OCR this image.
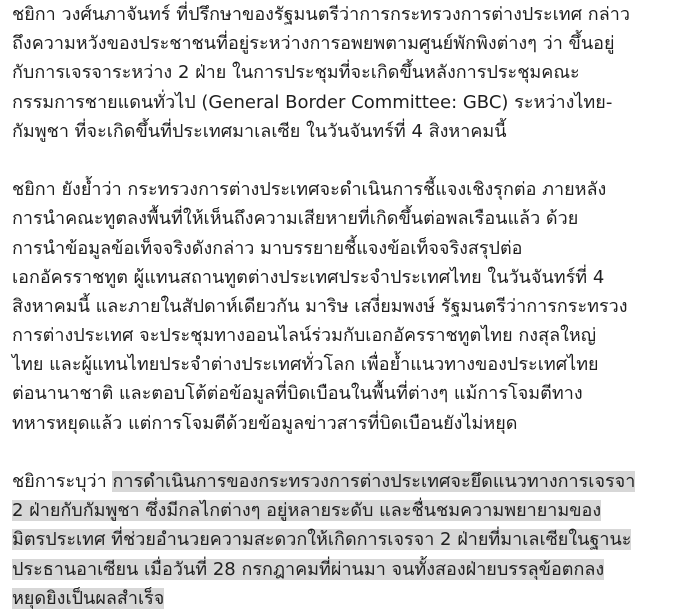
ชยิกา วงศ์นภาจันทร์ ที่ปรึกษาของรัฐมนตรีว่าการกระทรวงการต่างประเทศ กล่าว
ถึงความหวังของประชาชนที่อยู่ระหว่างการอพยพตามศูนย์พักพิงต่างๆ ว่า ขึ้นอยู่
กับการเจรจาระหว่าง 2 ฝ่าย ในการประชุมที่จะเกิดขึ้นหลังการประชุมคณะ
กรรมการชายแดนทั่วไป (General Border Committee: GBC) ระหว่างไทย-
กัมพูชา ที่จะเกิดขึ้นที่ประเทศมาเลเซีย ในวันจันทร์ที่ 4 สิงหาคมนี้

ชยิกา ยังย้ำว่า กระทรวงการต่างประเทศจะดำเนินการชี้แจงเชิงรุกต่อ ภายหลัง
การนำคณะทูตลงพื้นที่ให้เห็นถึงความเสียหายที่เกิดขึ้นต่อพลเรือนแล้ว ด้วย
การนำข้อมูลข้อเท็จจริงดังกล่าว มาบรรยายชี้แจงข้อเท็จจริงสรุปต่อ
เอกอัครราชทูต ผู้แทนสถานทูตต่างประเทศประจำประเทศไทย ในวันจันทร์ที่ 4
สิงหาคมนี้ และภายในสัปดาห์เดียวกัน มาริษ เสงี่ยมพงษ์ รัฐมนตรีว่าการกระทรวง
การต่างประเทศ จะประชุมทางออนไลน์ร่วมกับเอกอัครราชทูตไทย กงสุลใหญ่
ไทย และผู้แทนไทยประจำต่างประเทศทั่วโลก เพื่อย้ำแนวทางของประเทศไทย
ต่อนานาชาติ และตอบโต้ต่อข้อมูลที่บิดเบือนในพื้นที่ต่างๆ แม้การโจมตีทาง
ทหารหยุดแล้ว แต่การโจมตีด้วยข้อมูลข่าวสารที่บิดเบือนยังไม่หยุด

ชยิการะบุว่า การดำเนินการของกระทรวงการต่างประเทศจะยึดแนวทางการเจรจา
2 ฝ่ายกับกัมพูชา ซึ่งมีกลไกต่างๆ อยู่หลายระดับ และชื่นชมความพยายามของ
มิตรประเทศ ที่ช่วยอำนวยความสะดวกให้เกิดการเจรจา 2 ฝ่ายที่มาเลเซียในฐานะ
ประธานอาเซียน เมื่อวันที่ 28 กรกฎาคมที่ผ่านมา จนทั้งสองฝ่ายบรรลุข้อตกลง
หยุดยิงเป็นผลสำเร็จ
